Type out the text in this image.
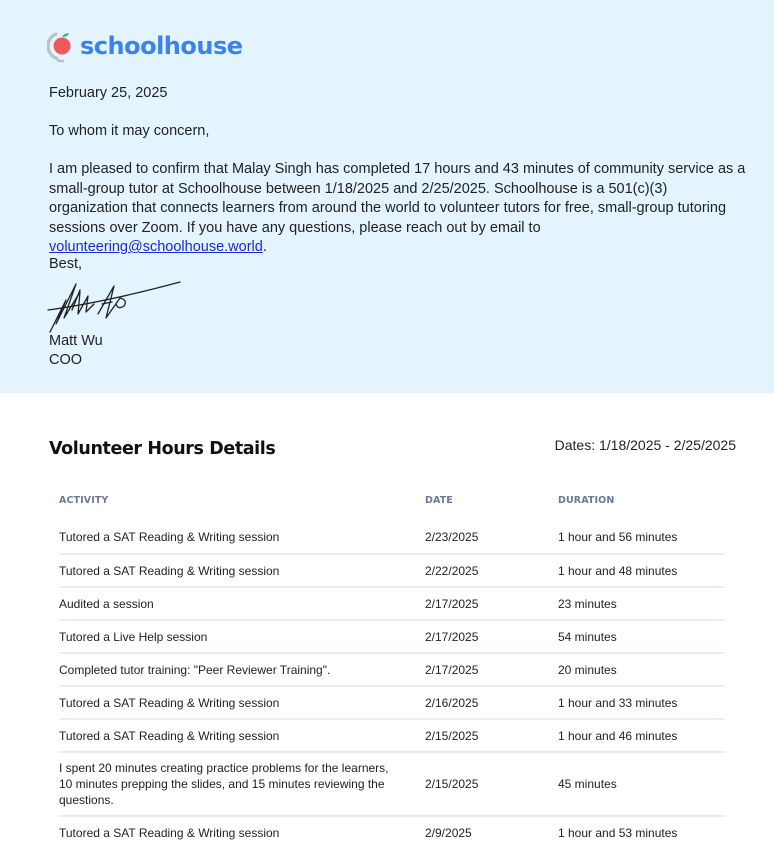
schoolhouse
February 25, 2025
To whom it may concern,
I am pleased to confirm that Malay Singh has completed 17 hours and 43 minutes of community service as a small-group tutor at Schoolhouse between 1/18/2025 and 2/25/2025. Schoolhouse is a 501(c)(3) organization that connects learners from around the world to volunteer tutors for free, small-group tutoring sessions over Zoom. If you have any questions, please reach out by email to volunteering@schoolhouse.world.
Best,
Matt Wu
COO
Volunteer Hours Details	Dates: 1/18/2025 - 2/25/2025
ACTIVITY	DATE	DURATION
Tutored a SAT Reading & Writing session	2/23/2025	1 hour and 56 minutes
Tutored a SAT Reading & Writing session	2/22/2025	1 hour and 48 minutes
Audited a session	2/17/2025	23 minutes
Tutored a Live Help session	2/17/2025	54 minutes
Completed tutor training: "Peer Reviewer Training".	2/17/2025	20 minutes
Tutored a SAT Reading & Writing session	2/16/2025	1 hour and 33 minutes
Tutored a SAT Reading & Writing session	2/15/2025	1 hour and 46 minutes
I spent 20 minutes creating practice problems for the learners, 10 minutes prepping the slides, and 15 minutes reviewing the questions.
2/15/2025	45 minutes
Tutored a SAT Reading & Writing session	2/9/2025	1 hour and 53 minutes
